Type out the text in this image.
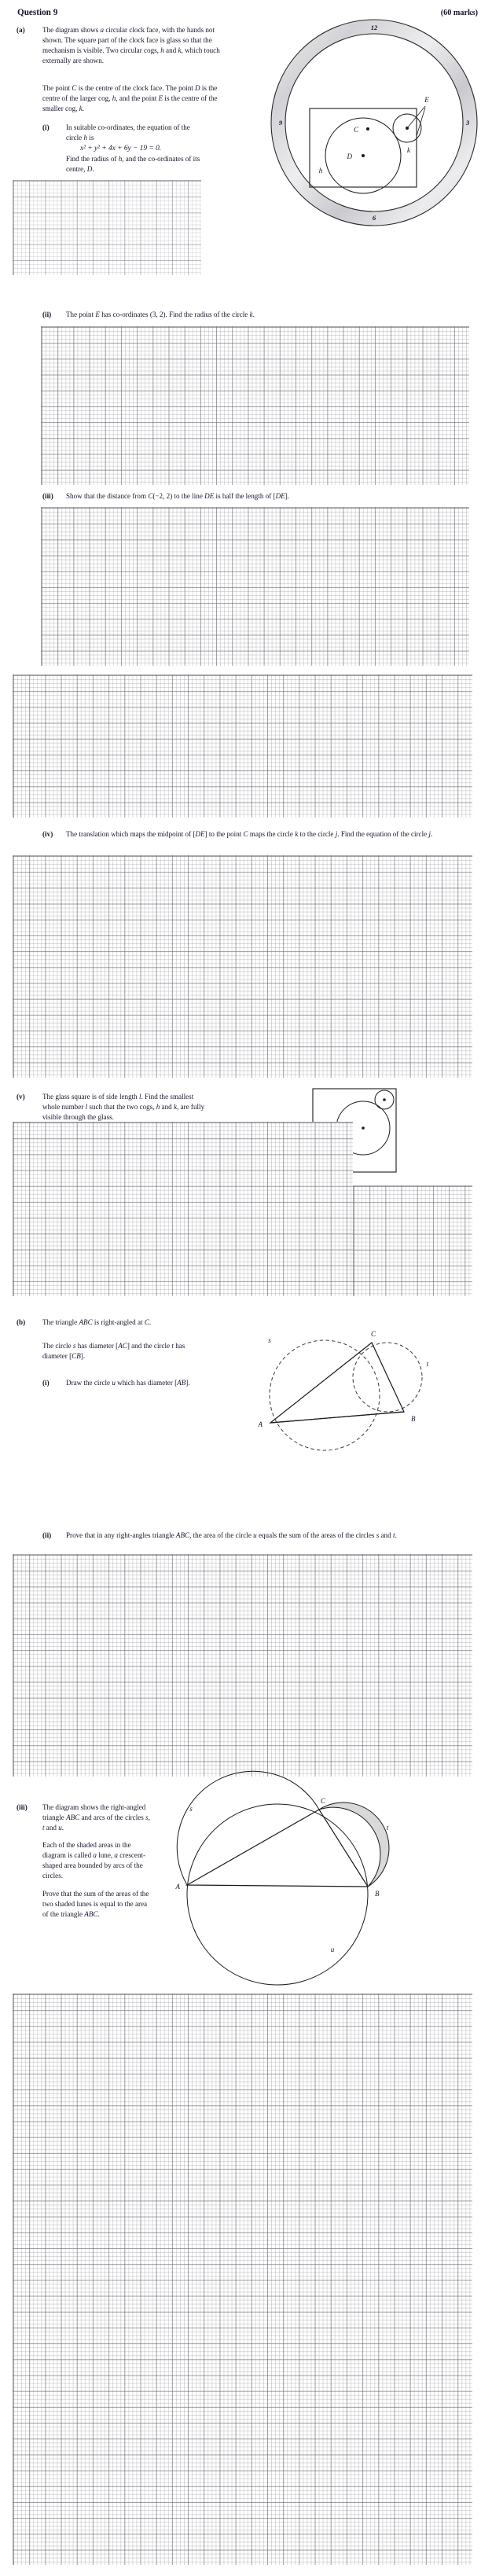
Question 9	(60 marks)
(a) The diagram shows a circular clock face, with the hands not shown. The square part of the clock face is glass so that the mechanism is visible. Two circular cogs, h and k, which touch externally are shown.
The point C is the centre of the clock face. The point D is the centre of the larger cog, h, and the point E is the centre of the smaller cog, k.
12
3
6
9
D
h
k
E
C
(i) In suitable co-ordinates, the equation of the circle h is
x² + y² + 4x + 6y − 19 = 0.
Find the radius of h, and the co-ordinates of its centre, D.
(ii) The point E has co-ordinates (3, 2). Find the radius of the circle k.
(iii) Show that the distance from C(−2, 2) to the line DE is half the length of [DE].
(iv) The translation which maps the midpoint of [DE] to the point C maps the circle k to the circle j. Find the equation of the circle j.
(v) The glass square is of side length l. Find the smallest whole number l such that the two cogs, h and k, are fully visible through the glass.
(b) The triangle ABC is right-angled at C.
The circle s has diameter [AC] and the circle t has diameter [CB].
(i) Draw the circle u which has diameter [AB].
A
B
C
s
t
(ii) Prove that in any right-angles triangle ABC, the area of the circle u equals the sum of the areas of the circles s and t.
(iii) The diagram shows the right-angled triangle ABC and arcs of the circles s, t and u.
Each of the shaded areas in the diagram is called a lune, a crescent-shaped area bounded by arcs of the circles.
Prove that the sum of the areas of the two shaded lunes is equal to the area of the triangle ABC.
A
B
C
s
t
u
